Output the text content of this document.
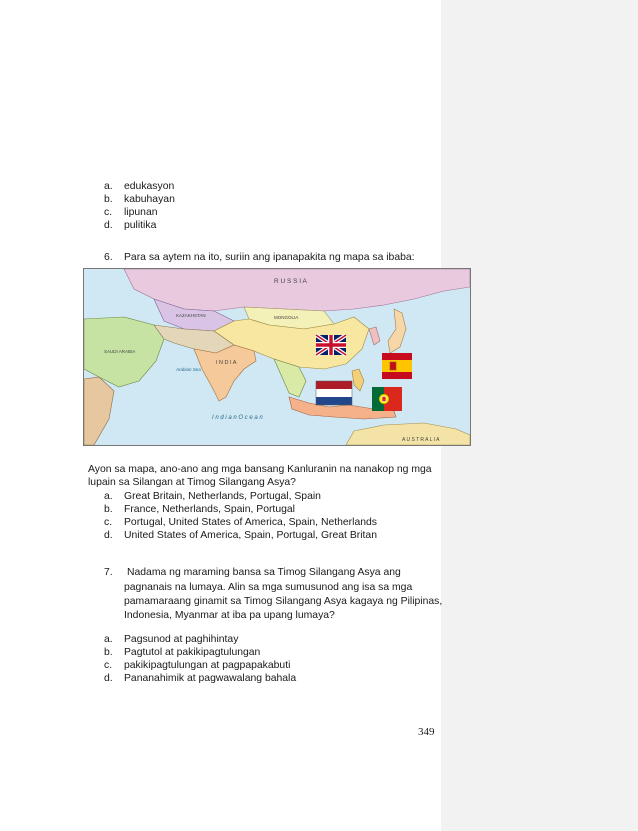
a. edukasyon
b. kabuhayan
c. lipunan
d. pulitika
6. Para sa aytem na ito, suriin ang ipanapakita ng mapa sa ibaba:
R U S S I A
KAZAKHSTAN	MONGOLIA
I N D I A
SAUDI ARABIA
Arabian Sea
I n d i a n O c e a n
A U S T R A L I A
Ayon sa mapa, ano-ano ang mga bansang Kanluranin na nanakop ng mga
lupain sa Silangan at Timog Silangang Asya?
a. Great Britain, Netherlands, Portugal, Spain
b. France, Netherlands, Spain, Portugal
c. Portugal, United States of America, Spain, Netherlands
d. United States of America, Spain, Portugal, Great Britan
7. Nadama ng maraming bansa sa Timog Silangang Asya ang
pagnanais na lumaya. Alin sa mga sumusunod ang isa sa mga
pamamaraang ginamit sa Timog Silangang Asya kagaya ng Pilipinas,
Indonesia, Myanmar at iba pa upang lumaya?
a. Pagsunod at paghihintay
b. Pagtutol at pakikipagtulungan
c. pakikipagtulungan at pagpapakabuti
d. Pananahimik at pagwawalang bahala
349
